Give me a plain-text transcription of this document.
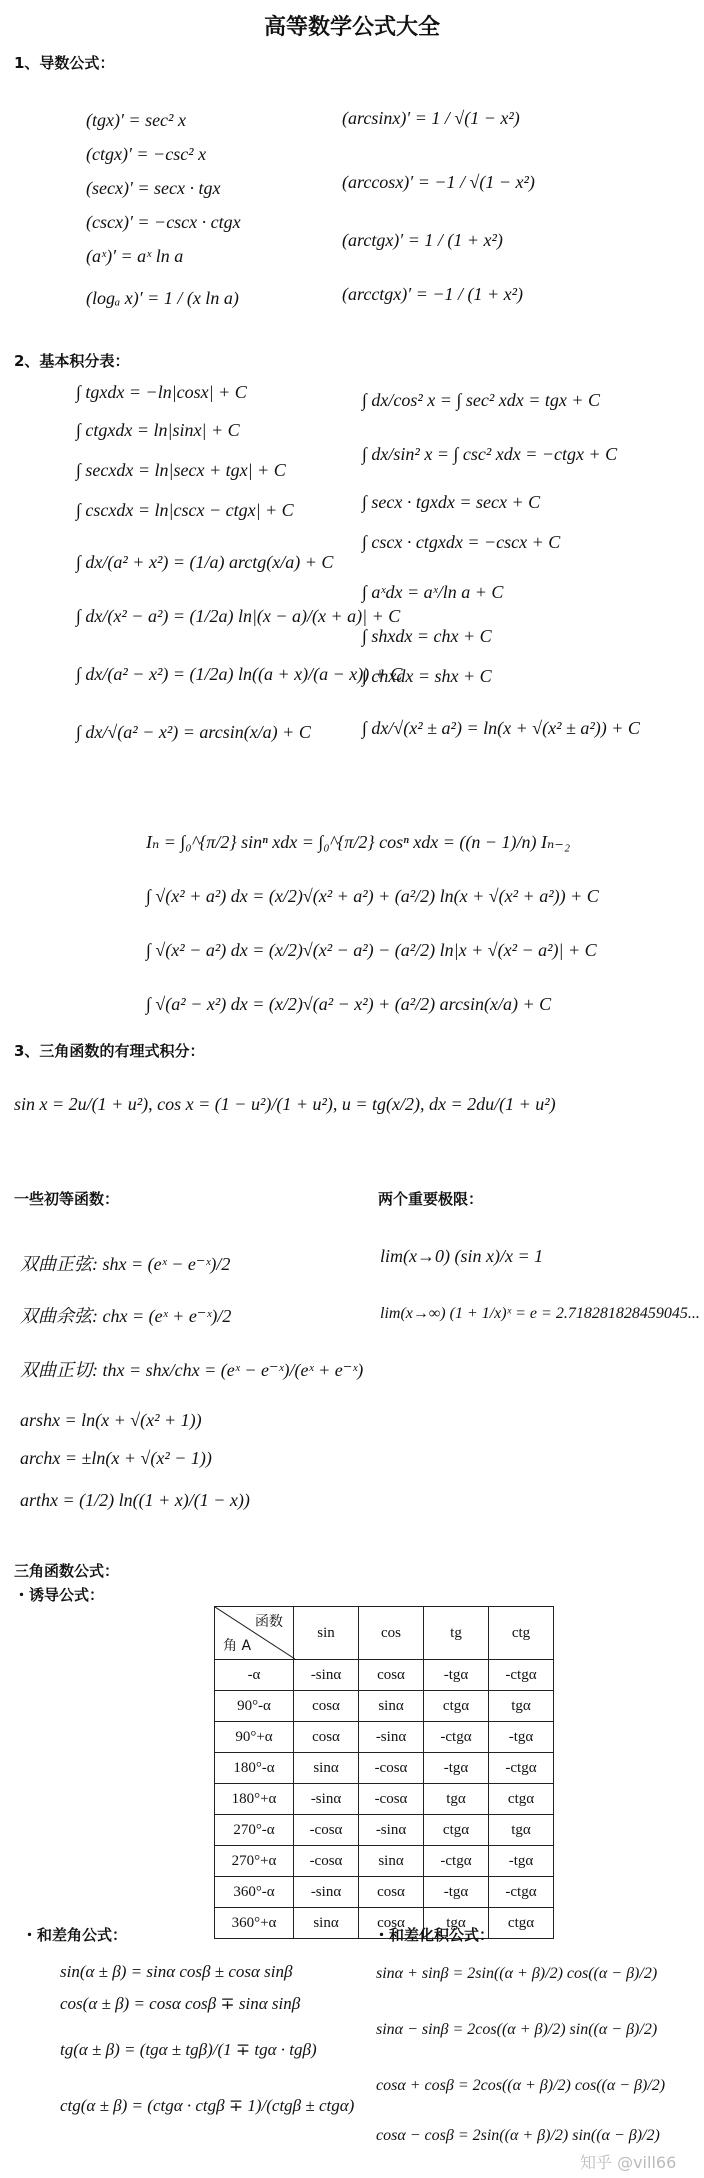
高等数学公式大全
1、导数公式：
(tgx)′ = sec² x
(ctgx)′ = −csc² x
(secx)′ = secx · tgx
(cscx)′ = −cscx · ctgx
(aˣ)′ = aˣ ln a
(logₐ x)′ = 1 / (x ln a)
(arcsinx)′ = 1 / √(1 − x²)
(arccosx)′ = −1 / √(1 − x²)
(arctgx)′ = 1 / (1 + x²)
(arcctgx)′ = −1 / (1 + x²)
2、基本积分表：
∫ tgxdx = −ln|cosx| + C
∫ ctgxdx = ln|sinx| + C
∫ secxdx = ln|secx + tgx| + C
∫ cscxdx = ln|cscx − ctgx| + C
∫ dx/(a² + x²) = (1/a) arctg(x/a) + C
∫ dx/(x² − a²) = (1/2a) ln|(x − a)/(x + a)| + C
∫ dx/(a² − x²) = (1/2a) ln((a + x)/(a − x)) + C
∫ dx/√(a² − x²) = arcsin(x/a) + C
∫ dx/cos² x = ∫ sec² xdx = tgx + C
∫ dx/sin² x = ∫ csc² xdx = −ctgx + C
∫ secx · tgxdx = secx + C
∫ cscx · ctgxdx = −cscx + C
∫ aˣdx = aˣ/ln a + C
∫ shxdx = chx + C
∫ chxdx = shx + C
∫ dx/√(x² ± a²) = ln(x + √(x² ± a²)) + C
Iₙ = ∫₀^{π/2} sinⁿ xdx = ∫₀^{π/2} cosⁿ xdx = ((n − 1)/n) Iₙ₋₂
∫ √(x² + a²) dx = (x/2)√(x² + a²) + (a²/2) ln(x + √(x² + a²)) + C
∫ √(x² − a²) dx = (x/2)√(x² − a²) − (a²/2) ln|x + √(x² − a²)| + C
∫ √(a² − x²) dx = (x/2)√(a² − x²) + (a²/2) arcsin(x/a) + C
3、三角函数的有理式积分：
sin x = 2u/(1 + u²), cos x = (1 − u²)/(1 + u²), u = tg(x/2), dx = 2du/(1 + u²)
一些初等函数：	两个重要极限：
双曲正弦: shx = (eˣ − e⁻ˣ)/2
双曲余弦: chx = (eˣ + e⁻ˣ)/2
双曲正切: thx = shx/chx = (eˣ − e⁻ˣ)/(eˣ + e⁻ˣ)
arshx = ln(x + √(x² + 1))
archx = ±ln(x + √(x² − 1))
arthx = (1/2) ln((1 + x)/(1 − x))
lim(x→0) (sin x)/x = 1
lim(x→∞) (1 + 1/x)ˣ = e = 2.718281828459045...
三角函数公式：
・诱导公式：
函数
角 A	sin	cos	tg	ctg
-α	-sinα	cosα	-tgα	-ctgα
90°-α	cosα	sinα	ctgα	tgα
90°+α	cosα	-sinα	-ctgα	-tgα
180°-α	sinα	-cosα	-tgα	-ctgα
180°+α	-sinα	-cosα	tgα	ctgα
270°-α	-cosα	-sinα	ctgα	tgα
270°+α	-cosα	sinα	-ctgα	-tgα
360°-α	-sinα	cosα	-tgα	-ctgα
360°+α	sinα	cosα	tgα	ctgα
・和差角公式：	・和差化积公式：
sin(α ± β) = sinα cosβ ± cosα sinβ
cos(α ± β) = cosα cosβ ∓ sinα sinβ
tg(α ± β) = (tgα ± tgβ)/(1 ∓ tgα · tgβ)
ctg(α ± β) = (ctgα · ctgβ ∓ 1)/(ctgβ ± ctgα)
sinα + sinβ = 2sin((α + β)/2) cos((α − β)/2)
sinα − sinβ = 2cos((α + β)/2) sin((α − β)/2)
cosα + cosβ = 2cos((α + β)/2) cos((α − β)/2)
cosα − cosβ = 2sin((α + β)/2) sin((α − β)/2)
知乎 @vill66
